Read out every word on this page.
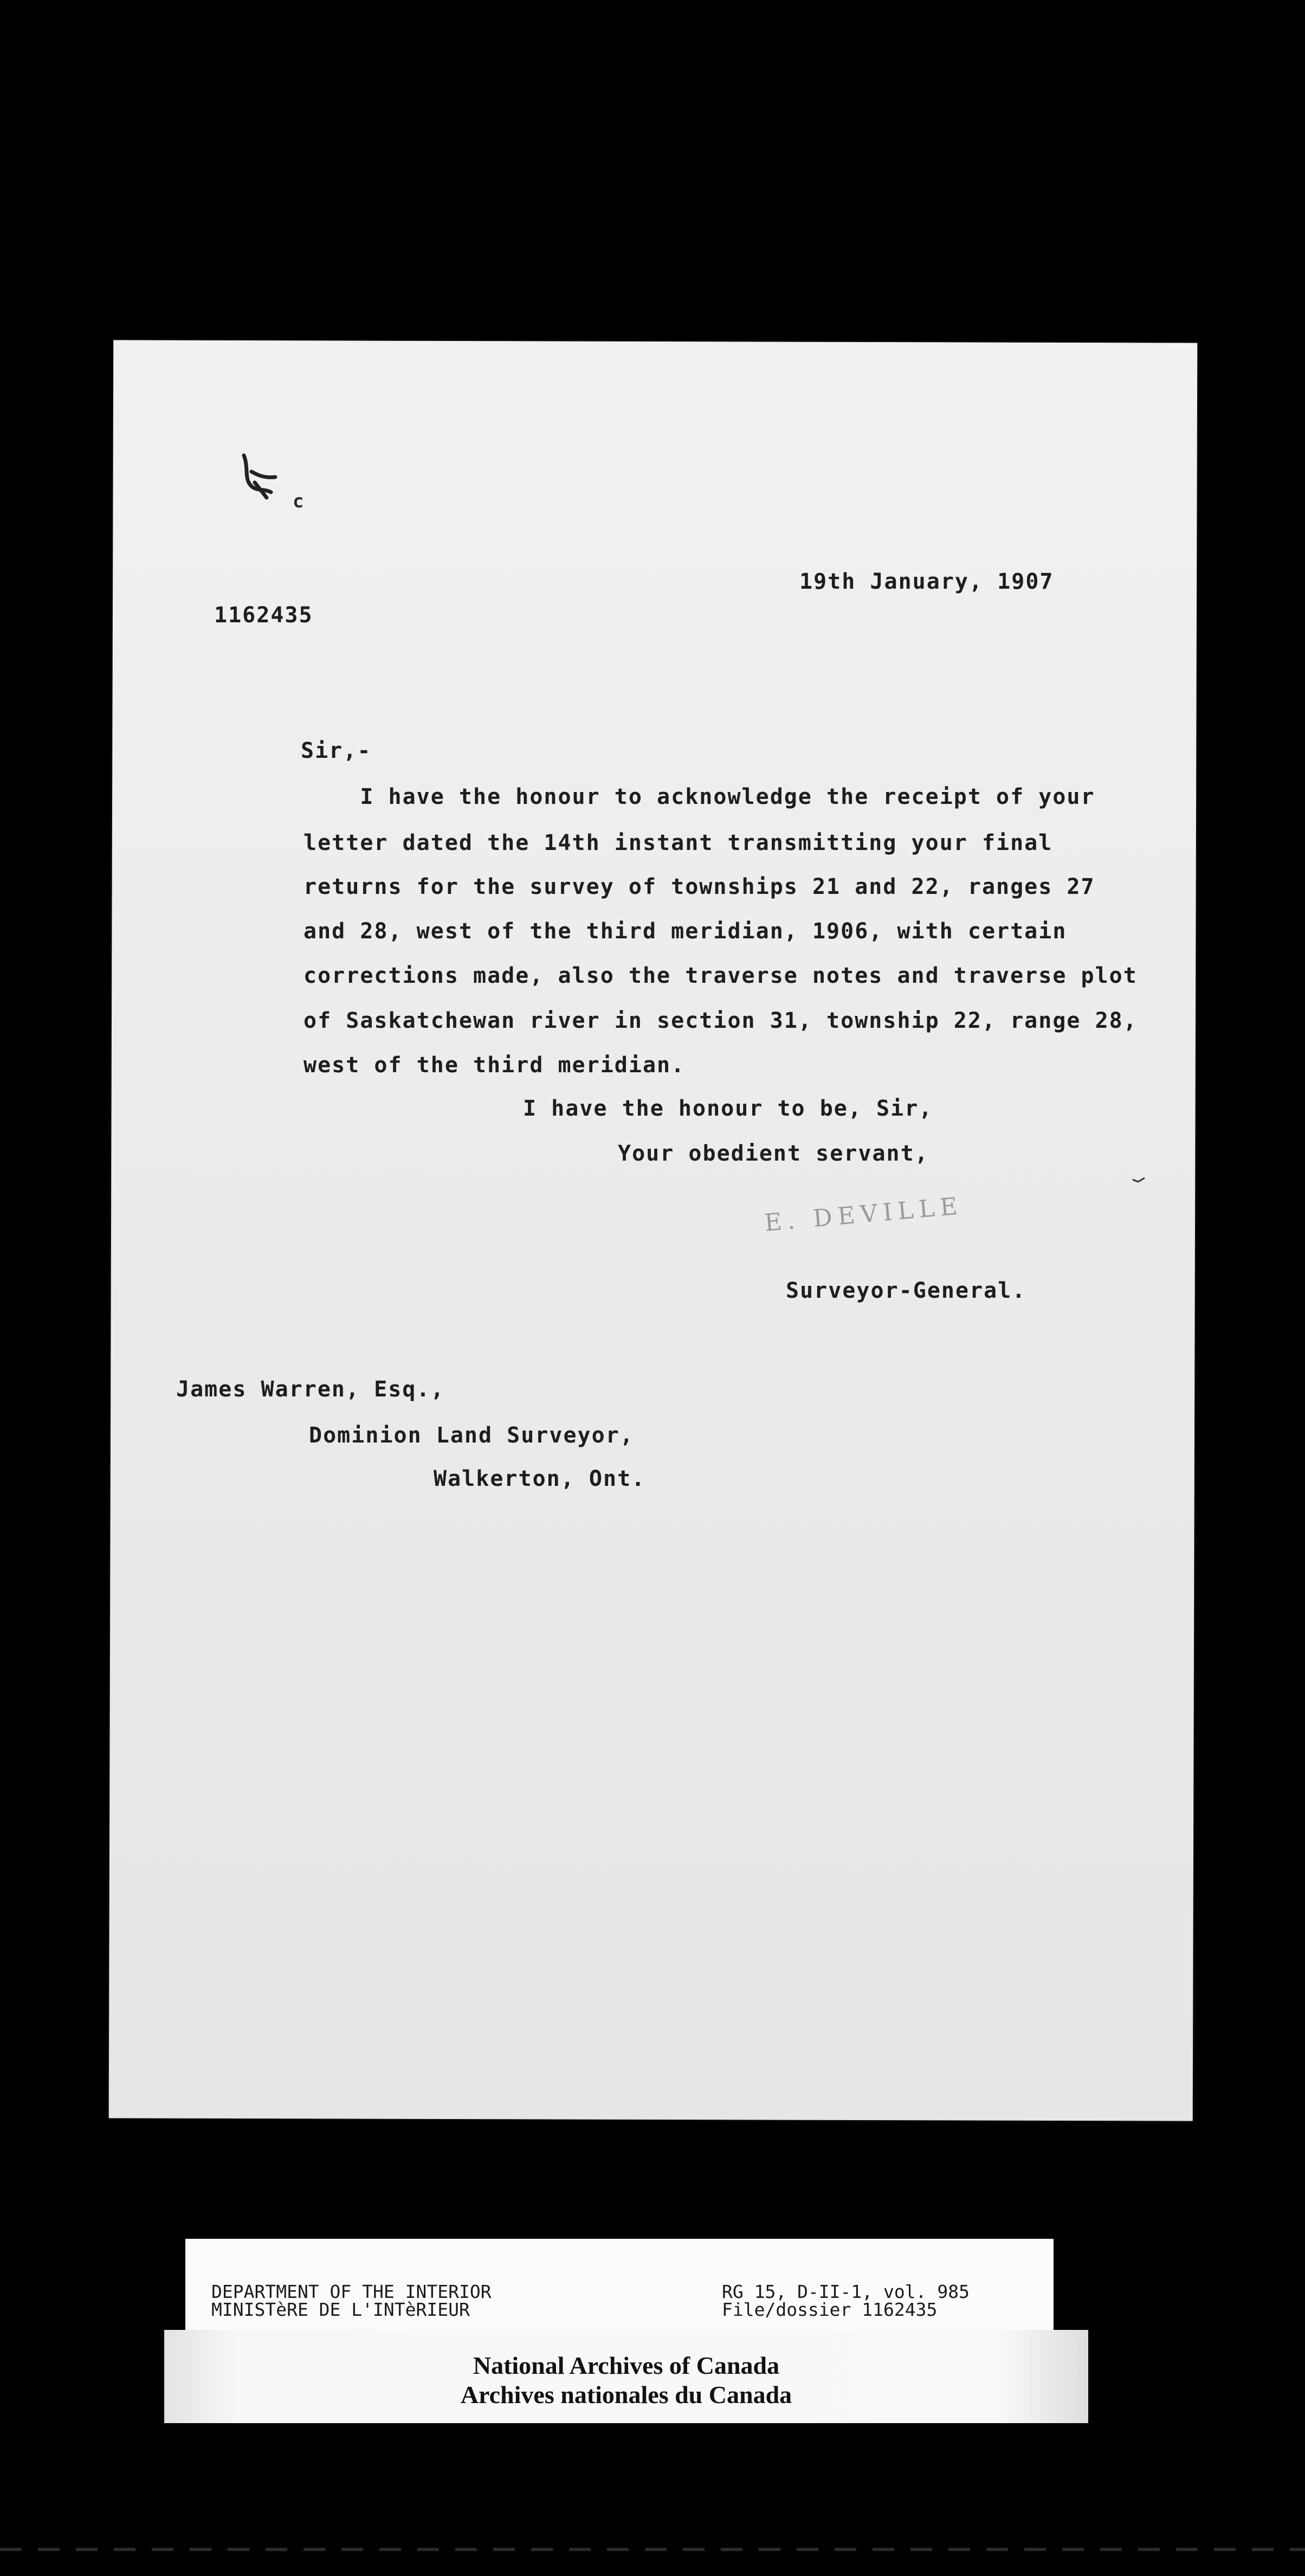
c
19th January, 1907
1162435
Sir,-
I have the honour to acknowledge the receipt of your
letter dated the 14th instant transmitting your final
returns for the survey of townships 21 and 22, ranges 27
and 28, west of the third meridian, 1906, with certain
corrections made, also the traverse notes and traverse plot
of Saskatchewan river in section 31, township 22, range 28,
west of the third meridian.
I have the honour to be, Sir,
Your obedient servant,
E. DEVILLE
Surveyor-General.
James Warren, Esq.,
Dominion Land Surveyor,
Walkerton, Ont.
DEPARTMENT OF THE INTERIOR
MINISTèRE DE L'INTèRIEUR
RG 15, D-II-1, vol. 985
File/dossier 1162435
National Archives of Canada
Archives nationales du Canada
